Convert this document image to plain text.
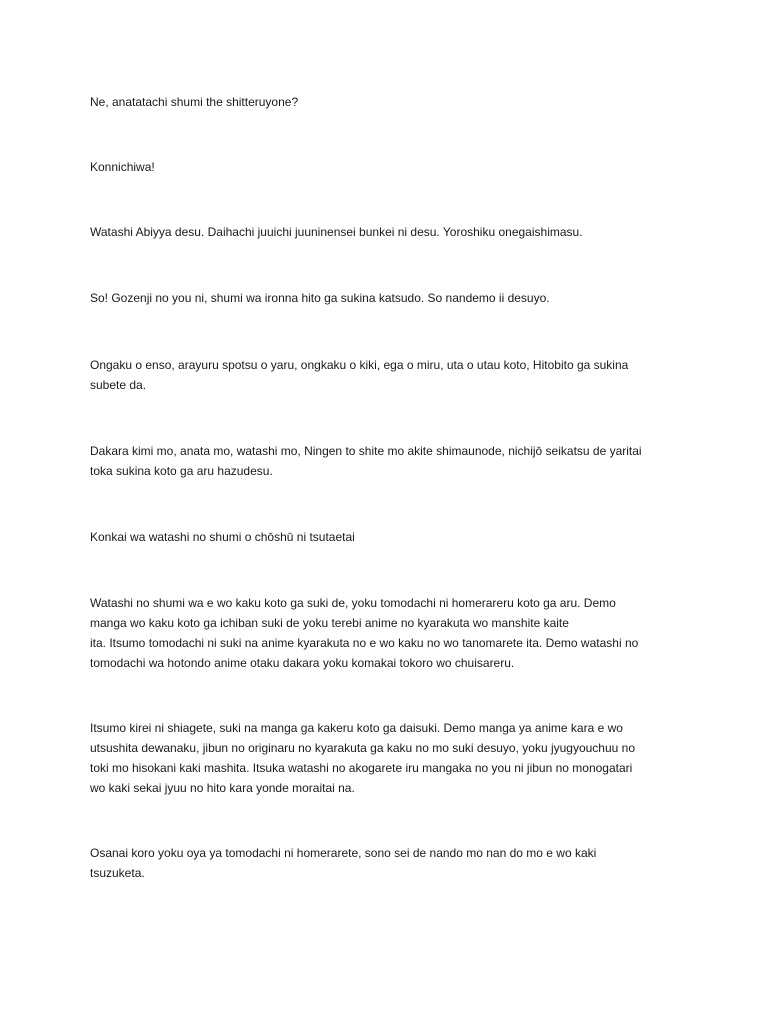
Ne, anatatachi shumi the shitteruyone?

Konnichiwa!

Watashi Abiyya desu. Daihachi juuichi juuninensei bunkei ni desu. Yoroshiku onegaishimasu.

So! Gozenji no you ni, shumi wa ironna hito ga sukina katsudo. So nandemo ii desuyo.

Ongaku o enso, arayuru spotsu o yaru, ongkaku o kiki, ega o miru, uta o utau koto, Hitobito ga sukina
subete da.

Dakara kimi mo, anata mo, watashi mo, Ningen to shite mo akite shimaunode, nichijō seikatsu de yaritai
toka sukina koto ga aru hazudesu.

Konkai wa watashi no shumi o chōshū ni tsutaetai

Watashi no shumi wa e wo kaku koto ga suki de, yoku tomodachi ni homerareru koto ga aru. Demo
manga wo kaku koto ga ichiban suki de yoku terebi anime no kyarakuta wo manshite kaite
ita. Itsumo tomodachi ni suki na anime kyarakuta no e wo kaku no wo tanomarete ita. Demo watashi no
tomodachi wa hotondo anime otaku dakara yoku komakai tokoro wo chuisareru.

Itsumo kirei ni shiagete, suki na manga ga kakeru koto ga daisuki. Demo manga ya anime kara e wo
utsushita dewanaku, jibun no originaru no kyarakuta ga kaku no mo suki desuyo, yoku jyugyouchuu no
toki mo hisokani kaki mashita. Itsuka watashi no akogarete iru mangaka no you ni jibun no monogatari
wo kaki sekai jyuu no hito kara yonde moraitai na.

Osanai koro yoku oya ya tomodachi ni homerarete, sono sei de nando mo nan do mo e wo kaki
tsuzuketa.
